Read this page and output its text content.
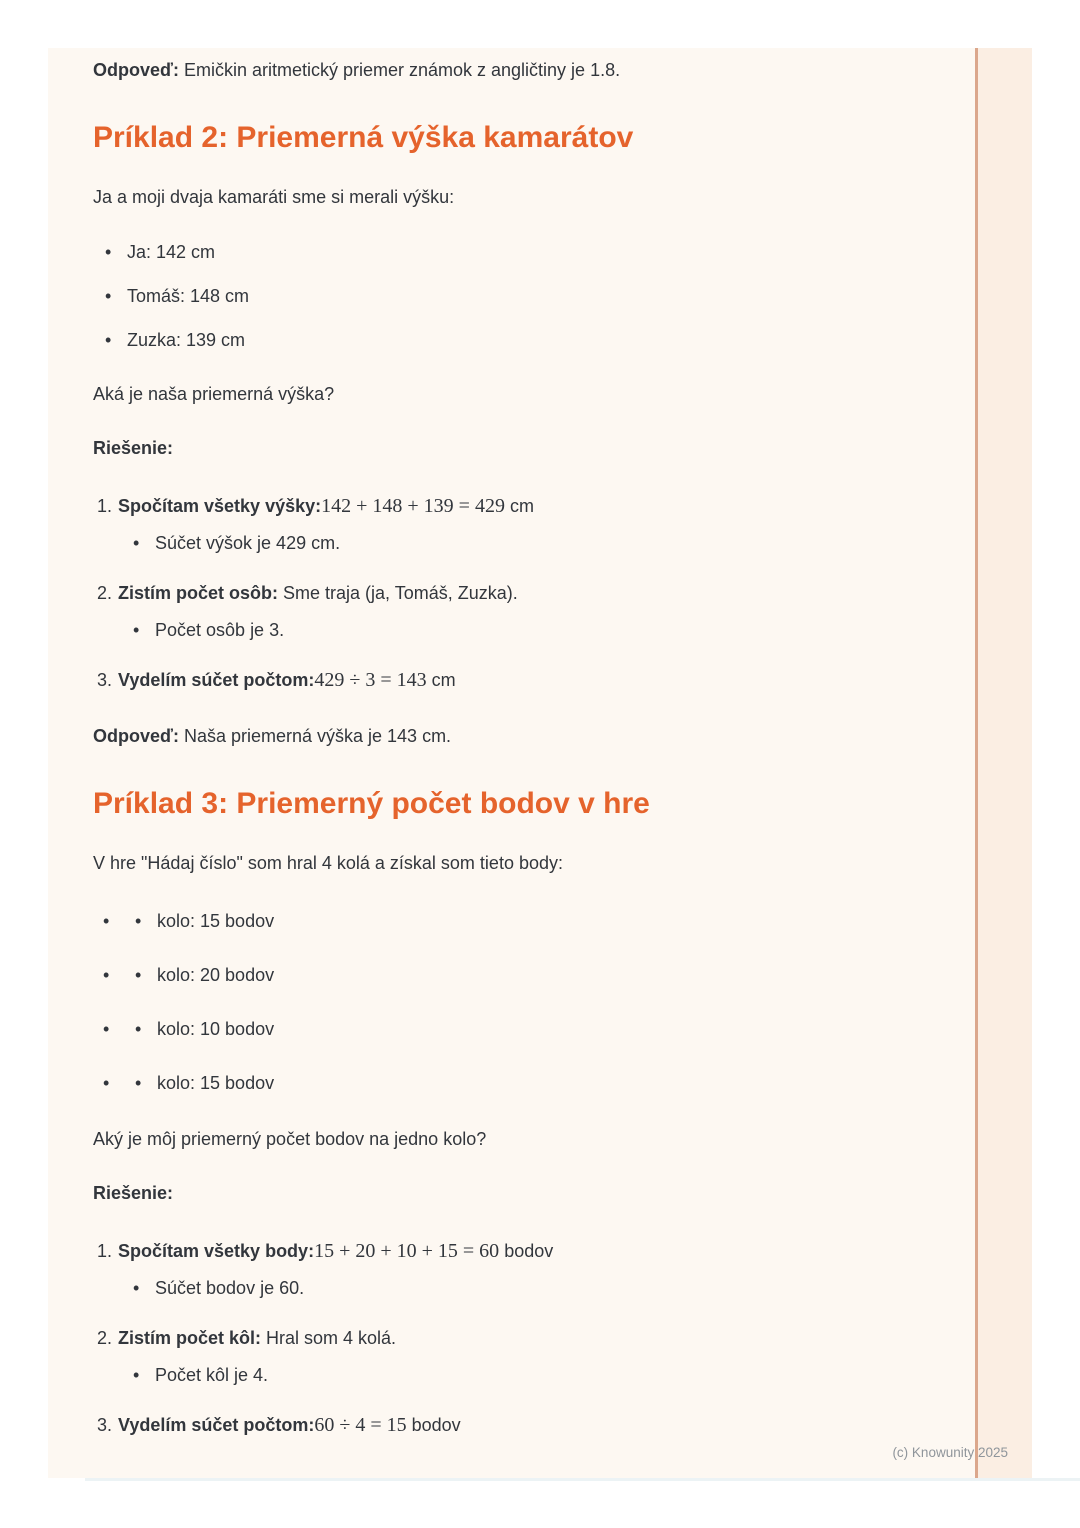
Odpoveď: Emičkin aritmetický priemer známok z angličtiny je 1.8.

Príklad 2: Priemerná výška kamarátov

Ja a moji dvaja kamaráti sme si merali výšku:

• Ja: 142 cm
• Tomáš: 148 cm
• Zuzka: 139 cm

Aká je naša priemerná výška?

Riešenie:

1. Spočítam všetky výšky:142 + 148 + 139 = 429 cm
• Súčet výšok je 429 cm.
2. Zistím počet osôb: Sme traja (ja, Tomáš, Zuzka).
• Počet osôb je 3.
3. Vydelím súčet počtom:429 ÷ 3 = 143 cm

Odpoveď: Naša priemerná výška je 143 cm.

Príklad 3: Priemerný počet bodov v hre

V hre "Hádaj číslo" som hral 4 kolá a získal som tieto body:

•	• kolo: 15 bodov
•	• kolo: 20 bodov
•	• kolo: 10 bodov
•	• kolo: 15 bodov

Aký je môj priemerný počet bodov na jedno kolo?

Riešenie:

1. Spočítam všetky body:15 + 20 + 10 + 15 = 60 bodov
• Súčet bodov je 60.
2. Zistím počet kôl: Hral som 4 kolá.
• Počet kôl je 4.
3. Vydelím súčet počtom:60 ÷ 4 = 15 bodov
(c) Knowunity 2025
